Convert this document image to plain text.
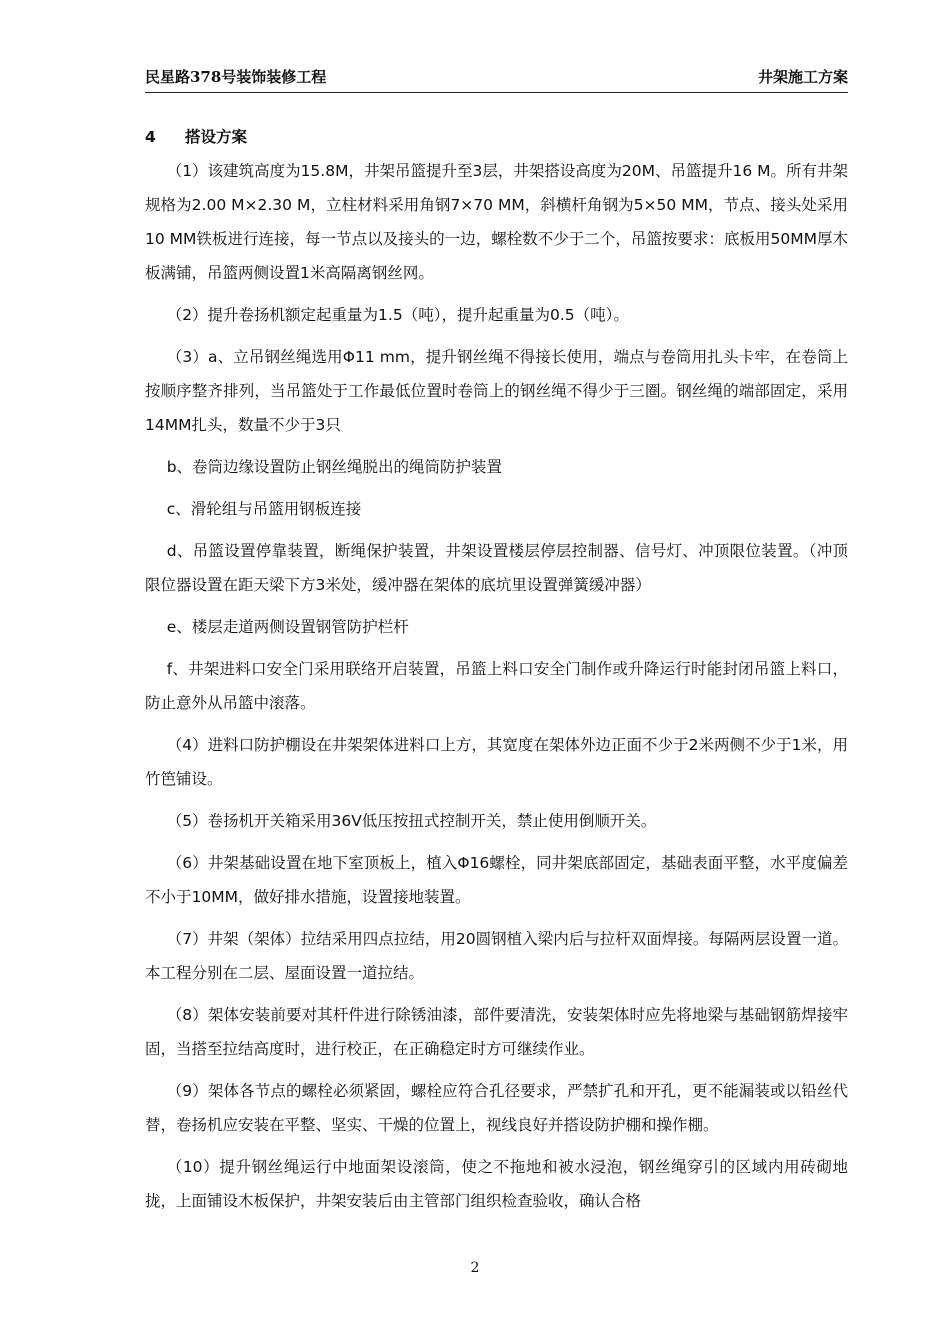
民星路378号装饰装修工程	井架施工方案
4 搭设方案

（1）该建筑高度为15.8M，井架吊篮提升至3层，井架搭设高度为20M、吊篮提升16 M。所有井架规格为2.00 M×2.30 M，立柱材料采用角钢7×70 MM，斜横杆角钢为5×50 MM，节点、接头处采用10 MM铁板进行连接，每一节点以及接头的一边，螺栓数不少于二个，吊篮按要求：底板用50MM厚木板满铺，吊篮两侧设置1米高隔离钢丝网。

（2）提升卷扬机额定起重量为1.5（吨），提升起重量为0.5（吨）。

（3）a、立吊钢丝绳选用Φ11 mm，提升钢丝绳不得接长使用，端点与卷筒用扎头卡牢，在卷筒上按顺序整齐排列，当吊篮处于工作最低位置时卷筒上的钢丝绳不得少于三圈。钢丝绳的端部固定，采用14MM扎头，数量不少于3只

b、卷筒边缘设置防止钢丝绳脱出的绳筒防护装置

c、滑轮组与吊篮用钢板连接

d、吊篮设置停靠装置，断绳保护装置，井架设置楼层停层控制器、信号灯、冲顶限位装置。（冲顶限位器设置在距天梁下方3米处，缓冲器在架体的底坑里设置弹簧缓冲器）

e、楼层走道两侧设置钢管防护栏杆

f、井架进料口安全门采用联络开启装置，吊篮上料口安全门制作或升降运行时能封闭吊篮上料口，防止意外从吊篮中滚落。

（4）进料口防护棚设在井架架体进料口上方，其宽度在架体外边正面不少于2米两侧不少于1米，用竹笆铺设。

（5）卷扬机开关箱采用36V低压按扭式控制开关，禁止使用倒顺开关。

（6）井架基础设置在地下室顶板上，植入Φ16螺栓，同井架底部固定，基础表面平整，水平度偏差不小于10MM，做好排水措施，设置接地装置。

（7）井架（架体）拉结采用四点拉结，用20圆钢植入梁内后与拉杆双面焊接。每隔两层设置一道。本工程分别在二层、屋面设置一道拉结。

（8）架体安装前要对其杆件进行除锈油漆，部件要清洗，安装架体时应先将地梁与基础钢筋焊接牢固，当搭至拉结高度时，进行校正，在正确稳定时方可继续作业。

（9）架体各节点的螺栓必须紧固，螺栓应符合孔径要求，严禁扩孔和开孔，更不能漏装或以铅丝代替，卷扬机应安装在平整、坚实、干燥的位置上，视线良好并搭设防护棚和操作棚。

（10）提升钢丝绳运行中地面架设滚筒，使之不拖地和被水浸泡，钢丝绳穿引的区域内用砖砌地拢，上面铺设木板保护，井架安装后由主管部门组织检查验收，确认合格

2
